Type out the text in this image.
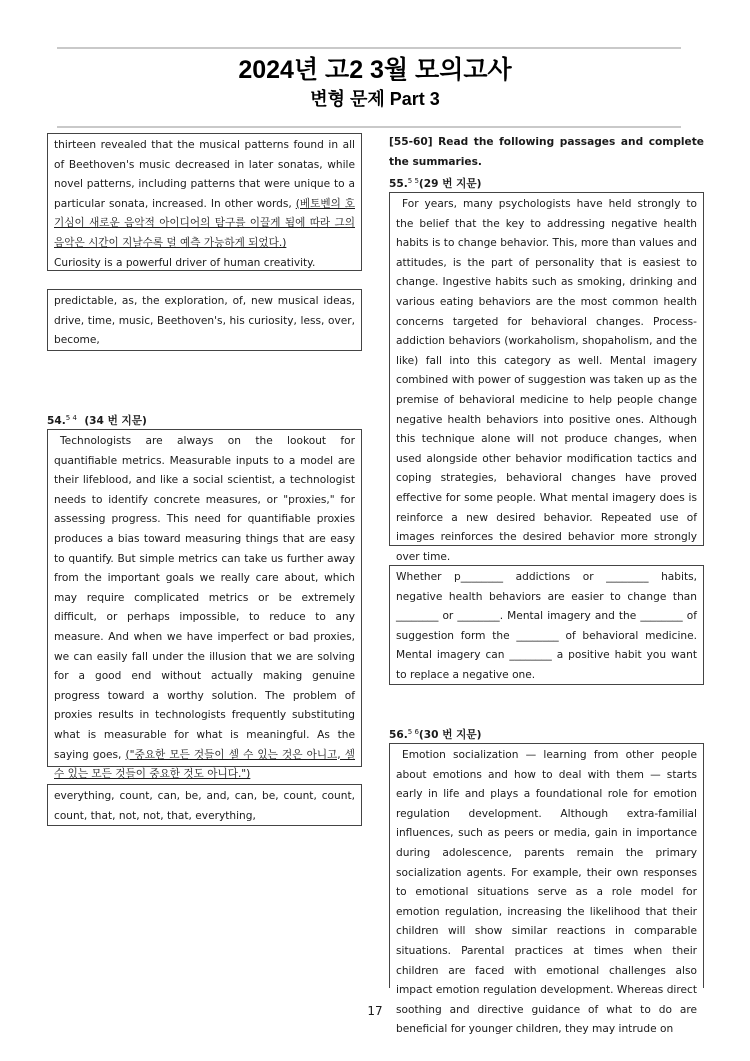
2024년 고2 3월 모의고사
변형 문제 Part 3

thirteen revealed that the musical patterns found in all of Beethoven's music decreased in later sonatas, while novel patterns, including patterns that were unique to a particular sonata, increased. In other words, (베토벤의 호기심이 새로운 음악적 아이디어의 탐구를 이끌게 됨에 따라 그의 음악은 시간이 지날수록 덜 예측 가능하게 되었다.)

Curiosity is a powerful driver of human creativity.

predictable, as, the exploration, of, new musical ideas, drive, time, music, Beethoven's, his curiosity, less, over, become,

54.$^{5 4}$ (34 번 지문)

Technologists are always on the lookout for quantifiable metrics. Measurable inputs to a model are their lifeblood, and like a social scientist, a technologist needs to identify concrete measures, or "proxies," for assessing progress. This need for quantifiable proxies produces a bias toward measuring things that are easy to quantify. But simple metrics can take us further away from the important goals we really care about, which may require complicated metrics or be extremely difficult, or perhaps impossible, to reduce to any measure. And when we have imperfect or bad proxies, we can easily fall under the illusion that we are solving for a good end without actually making genuine progress toward a worthy solution. The problem of proxies results in technologists frequently substituting what is measurable for what is meaningful. As the saying goes, ("중요한 모든 것들이 셀 수 있는 것은 아니고, 셀 수 있는 모든 것들이 중요한 것도 아니다.")

everything, count, can, be, and, can, be, count, count, count, that, not, not, that, everything,

[55-60] Read the following passages and complete the summaries.
55.$^{5 5}$(29 번 지문)

For years, many psychologists have held strongly to the belief that the key to addressing negative health habits is to change behavior. This, more than values and attitudes, is the part of personality that is easiest to change. Ingestive habits such as smoking, drinking and various eating behaviors are the most common health concerns targeted for behavioral changes. Process-addiction behaviors (workaholism, shopaholism, and the like) fall into this category as well. Mental imagery combined with power of suggestion was taken up as the premise of behavioral medicine to help people change negative health behaviors into positive ones. Although this technique alone will not produce changes, when used alongside other behavior modification tactics and coping strategies, behavioral changes have proved effective for some people. What mental imagery does is reinforce a new desired behavior. Repeated use of images reinforces the desired behavior more strongly over time.

Whether p________ addictions or ________ habits, negative health behaviors are easier to change than ________ or ________. Mental imagery and the ________ of suggestion form the ________ of behavioral medicine. Mental imagery can ________ a positive habit you want to replace a negative one.

56.$^{5 6}$(30 번 지문)

Emotion socialization — learning from other people about emotions and how to deal with them — starts early in life and plays a foundational role for emotion regulation development. Although extra-familial influences, such as peers or media, gain in importance during adolescence, parents remain the primary socialization agents. For example, their own responses to emotional situations serve as a role model for emotion regulation, increasing the likelihood that their children will show similar reactions in comparable situations. Parental practices at times when their children are faced with emotional challenges also impact emotion regulation development. Whereas direct soothing and directive guidance of what to do are beneficial for younger children, they may intrude on

17
